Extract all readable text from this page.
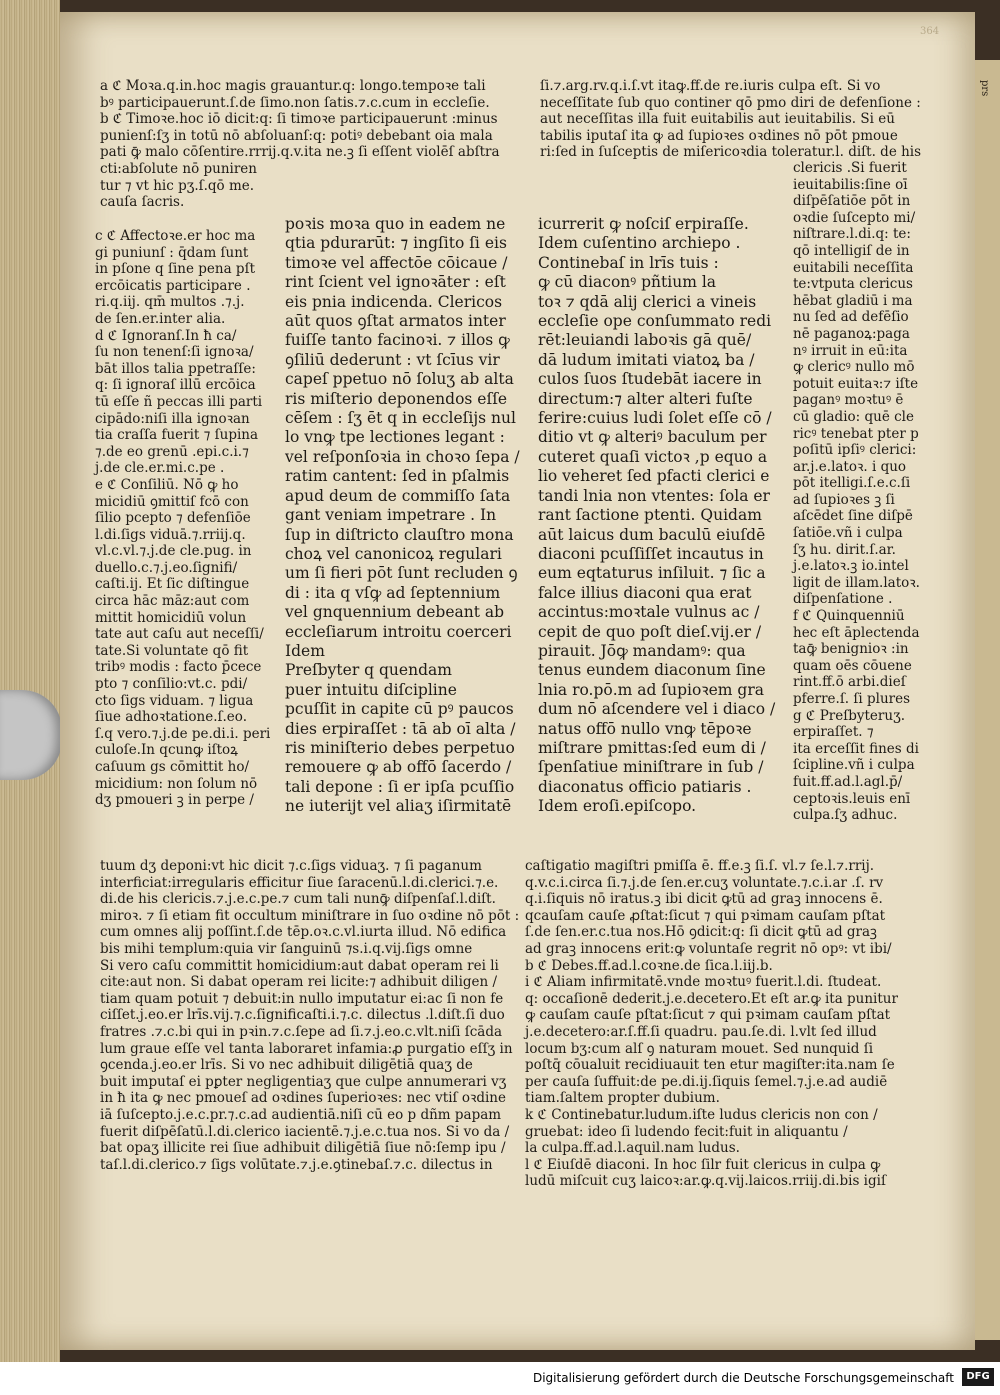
364

a ℭ Moꝛa.q.in.hoc magis grauantur.q: longo.tempoꝛe tali

bꝰ participauerunt.ſ.de ſimo.non ſatis.⁊.c.cum in eccleſie.

b ℭ Timoꝛe.hoc iō dicit:q: ſi timoꝛe participauerunt :minus

punienſ:ſʒ in totū nō abſoluanſ:q: potiꝰ debebant oia mala

pati ꝙ̄ malo cōſentire.rrrij.q.v.ita ne.ꝫ ſi eſſent violēſ abſtra

cti:abſolute nō puniren

tur ⁊ vt hic pʒ.ſ.qō me.

cauſa ſacris.

ſi.⁊.arg.rv.q.i.ſ.vt itaꝙ.ff.de re.iuris culpa eſt. Si vo

neceſſitate ſub quo continer qō pmo diri de defenſione :

aut neceſſitas illa fuit euitabilis aut ieuitabilis. Si eū

tabilis iputaſ ita ꝙ ad ſupioꝛes oꝛdines nō pōt pmoue

ri:ſed in ſuſceptis de miſericoꝛdia toleratur.l. diſt. de his

c ℭ Affectoꝛe.er hoc ma

gi puniunſ : q̄dam ſunt

in pſone q ſine pena pſt

ercōicatis participare .

ri.q.iij. qm̄ multos .⁊.j.

de ſen.er.inter alia.

d ℭ Ignoranſ.In ħ ca/

ſu non tenenſ:ſi ignoꝛa/

bāt illos talia ppetraſſe:

q: ſi ignoraſ illū ercōica

tū eſſe ñ peccas illi parti

cipādo:niſi illa ignoꝛan

tia craſſa fuerit ⁊ ſupina

⁊.de eo grenū .epi.c.i.⁊

j.de cle.er.mi.c.pe .

e ℭ Conſiliū. Nō ꝙ ho

micidiū ꝯmittiſ fcō con

ſilio pcepto ⁊ defenſiōe

l.di.ſigs viduā.⁊.rriij.q.

vl.c.vl.⁊.j.de cle.pug. in

duello.c.⁊.j.eo.ſignifi/

caſti.ij. Et ſic diſtingue

circa hāc māz:aut com

mittit homicidiū volun

tate aut caſu aut neceſſi/

tate.Si voluntate qō fit

tribꝰ modis : facto p̄cece

pto ⁊ conſilio:vt.c. pdi/

cto ſigs viduam. ⁊ ligua

ſiue adhoꝛtatione.ſ.eo.

ſ.q vero.⁊.j.de pe.di.i. peri

culoſe.In qcunꝙ iſtoꝝ

caſuum gs cōmittit ho/

micidium: non ſolum nō

dʒ pmoueri ꝫ in perpe /

poꝛis moꝛa quo in eadem ne

qtia pdurarūt: ⁊ ingſito ſi eis

timoꝛe vel affectōe cōicaue /

rint ſcient vel ignoꝛāter : eſt

eis pnia indicenda. Clericos

aūt quos ꝯſtat armatos inter

fuiſſe tanto facinoꝛi. ⁊ illos ꝙ

ꝯſiliū dederunt : vt ſcīus vir

capeſ ppetuo nō ſoluʒ ab alta

ris miſterio deponendos eſſe

cēſem : ſʒ ēt q in eccleſijs nul

lo vnꝙ tpe lectiones legant :

vel reſponſoꝛia in choꝛo ſepa /

ratim cantent: ſed in pſalmis

apud deum de commiſſo ſata

gant veniam impetrare . In

ſup in diſtricto clauſtro mona

choꝝ vel canonicoꝝ regulari

um ſi fieri pōt ſunt recluden ꝯ

di : ita q vſꝙ ad ſeptennium

vel gnquennium debeant ab

eccleſiarum introitu coerceri

Idem

Preſbyter q quendam

puer intuitu diſcipline

pcuſſit in capite cū pꝰ paucos

dies erpiraſſet : tā ab oī alta /

ris miniſterio debes perpetuo

remouere ꝙ ab offō ſacerdo /

tali depone : ſi er ipſa pcuſſio

ne iuterijt vel aliaʒ iſirmitatē

icurrerit ꝙ noſciſ erpiraſſe.

Idem cuſentino archiepo .

Continebaſ in lrīs tuis :

ꝙ cū diaconꝰ pñtium la

toꝛ ⁊ qdā alij clerici a vineis

eccleſie ope conſummato redi

rēt:leuiandi laboꝛis gā quē/

dā ludum imitati viatoꝝ ba /

culos ſuos ſtudebāt iacere in

directum:⁊ alter alteri fuſte

ferire:cuius ludi ſolet eſſe cō /

ditio vt ꝙ alteriꝰ baculum per

cuteret quaſi victoꝛ ,p equo a

lio veheret ſed pfacti clerici e

tandi lnia non vtentes: ſola er

rant ſactione ptenti. Quidam

aūt laicus dum baculū eiuſdē

diaconi pcuſſiſſet incautus in

eum eqtaturus inſiluit. ⁊ ſic a

falce illius diaconi qua erat

accintus:moꝛtale vulnus ac /

cepit de quo poſt dieſ.vij.er /

pirauit. Jōꝙ mandamꝰ: qua

tenus eundem diaconum ſine

lnia ro.pō.m ad ſupioꝛem gra

dum nō aſcendere vel i diaco /

natus offō nullo vnꝙ tēpoꝛe

miſtrare pmittas:ſed eum di /

ſpenſatiue miniſtrare in ſub /

diaconatus officio patiaris .

Idem eroſi.epiſcopo.

clericis .Si fuerit

ieuitabilis:ſine oī

diſpēſatiōe pōt in

oꝛdie ſuſcepto mi/

niſtrare.l.di.q: te:

qō intelligiſ de in

euitabili neceſſita

te:vtputa clericus

hēbat gladiū i ma

nu ſed ad defēſio

nē paganoꝝ:paga

nꝰ irruit in eū:ita

ꝙ clericꝰ nullo mō

potuit euitaꝛ:⁊ iſte

paganꝰ moꝛtuꝰ ē

cū gladio: quē cle

ricꝰ tenebat pter p

poſitū ipſiꝰ clerici:

ar.j.e.latoꝛ. i quo

pōt itelligi.ſ.e.c.ſi

ad ſupioꝛes ꝫ ſi

aſcēdet ſine diſpē

ſatiōe.vñ i culpa

ſʒ hu. dirit.ſ.ar.

j.e.latoꝛ.ꝫ io.intel

ligit de illam.latoꝛ.

diſpenſatione .

f ℭ Quinquenniū

hec eſt āplectenda

taꝙ̄ benignioꝛ :in

quam oēs cōuene

rint.ff.ō arbi.dieſ

pferre.ſ. ſi plures

g ℭ Preſbyteruʒ.

erpiraſſet. ⁊

ita erceſſit fines di

ſcipline.vñ i culpa

fuit.ff.ad.l.agl.p̄/

ceptoꝛis.leuis enī

culpa.ſʒ adhuc.

tuum dʒ deponi:vt hic dicit ⁊.c.ſigs viduaʒ. ⁊ ſi paganum

interficiat:irregularis efficitur ſiue ſaracenū.l.di.clerici.⁊.e.

di.de his clericis.⁊.j.e.c.pe.⁊ cum tali nunꝙ̄ diſpenſaſ.l.diſt.

miroꝛ. ⁊ ſi etiam fit occultum miniſtrare in ſuo oꝛdine nō pōt :

cum omnes alij poſſint.ſ.de tēp.oꝛ.c.vl.iurta illud. Nō edifica

bis mihi templum:quia vir ſanguinū ⁊s.i.q.vij.ſigs omne

Si vero caſu committit homicidium:aut dabat operam rei li

cite:aut non. Si dabat operam rei licite:⁊ adhibuit diligen /

tiam quam potuit ⁊ debuit:in nullo imputatur ei:ac ſi non fe

ciſſet.j.eo.er lrīs.vij.⁊.c.ſignificaſti.i.⁊.c. dilectus .l.diſt.ſi duo

fratres .⁊.c.bi qui in pꝛin.⁊.c.ſepe ad ſi.⁊.j.eo.c.vlt.niſi ſcāda

lum graue eſſe vel tanta laboraret infamia:ꝓ purgatio eſſʒ in

ꝯcenda.j.eo.er lrīs. Si vo nec adhibuit diligētiā quaʒ de

buit imputaſ ei pꝑter negligentiaʒ que culpe annumerari vʒ

in ħ ita ꝙ nec pmoueſ ad oꝛdines ſuperioꝛes: nec vtiſ oꝛdine

iā ſuſcepto.j.e.c.pr.⁊.c.ad audientiā.niſi cū eo p dñm papam

fuerit diſpēſatū.l.di.clerico iacientē.⁊.j.e.c.tua nos. Si vo da /

bat opaʒ illicite rei ſiue adhibuit diligētiā ſiue nō:ſemp ipu /

taſ.l.di.clerico.⁊ ſigs volūtate.⁊.j.e.ꝯtinebaſ.⁊.c. dilectus in

caſtigatio magiſtri pmiſſa ē. ff.e.ꝫ ſi.ſ. vl.⁊ ſe.l.⁊.rrij.

q.v.c.i.circa ſi.⁊.j.de ſen.er.cuʒ voluntate.⁊.c.i.ar .ſ. rv

q.i.ſiquis nō iratus.ꝫ ibi dicit ꝙtū ad graꝫ innocens ē.

qcauſam cauſe ꝓſtat:ſicut ⁊ qui pꝛimam cauſam pſtat

ſ.de ſen.er.c.tua nos.Hō ꝯdicit:q: ſi dicit ꝙtū ad graꝫ

ad graꝫ innocens erit:ꝙ voluntaſe regrit nō opꝰ: vt ibi/

b ℭ Debes.ff.ad.l.coꝛne.de ſica.l.iij.b.

i ℭ Aliam infirmitatē.vnde moꝛtuꝰ fuerit.l.di. ſtudeat.

q: occaſionē dederit.j.e.decetero.Et eſt ar.ꝙ ita punitur

ꝙ cauſam cauſe pſtat:ſicut ⁊ qui pꝛimam cauſam pſtat

j.e.decetero:ar.ſ.ff.ſi quadru. pau.ſe.di. l.vlt ſed illud

locum bʒ:cum alſ ꝯ naturam mouet. Sed nunquid ſi

poſtq̄ cōualuit recidiuauit ten etur magiſter:ita.nam ſe

per cauſa ſuffuit:de pe.di.ij.ſiquis ſemel.⁊.j.e.ad audiē

tiam.ſaltem propter dubium.

k ℭ Continebatur.ludum.iſte ludus clericis non con /

gruebat: ideo ſi ludendo fecit:fuit in aliquantu /

la culpa.ff.ad.l.aquil.nam ludus.

l ℭ Eiuſdē diaconi. In hoc ſilr fuit clericus in culpa ꝙ

ludū miſcuit cuʒ laicoꝛ:ar.ꝙ.q.vij.laicos.rriij.di.bis igiſ

prs
Digitalisierung gefördert durch die Deutsche Forschungsgemeinschaft	DFG
